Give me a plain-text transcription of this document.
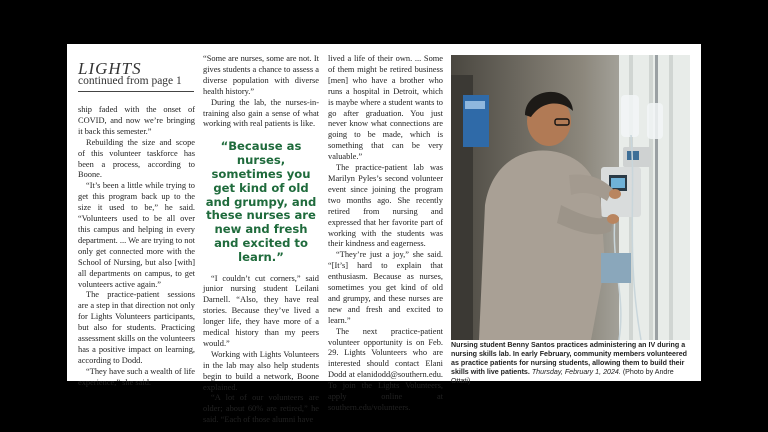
LIGHTS
continued from page 1

ship faded with the onset of COVID, and now we’re bringing it back this semester.”

Rebuilding the size and scope of this volunteer taskforce has been a process, according to Boone.

“It’s been a little while trying to get this program back up to the size it used to be,” he said. “Volunteers used to be all over this campus and helping in every department. ... We are trying to not only get connected more with the School of Nursing, but also [with] all departments on campus, to get volunteers active again.”

The practice-patient sessions are a step in that direction not only for Lights Volunteers participants, but also for students. Practicing assessment skills on the volunteers has a positive impact on learning, according to Dodd.

“They have such a wealth of life experience,” she said.

“Some are nurses, some are not. It gives students a chance to assess a diverse population with diverse health history.”

During the lab, the nurses-in-training also gain a sense of what working with real patients is like.

“Because as nurses, sometimes you get kind of old and grumpy, and these nurses are new and fresh and excited to learn.”

“I couldn’t cut corners,” said junior nursing student Leilani Darnell. “Also, they have real stories. Because they’ve lived a longer life, they have more of a medical history than my peers would.”

Working with Lights Volunteers in the lab may also help students begin to build a network, Boone explained.

“A lot of our volunteers are older; about 60% are retired,” he said. “Each of those alumni have

lived a life of their own. ... Some of them might be retired business [men] who have a brother who runs a hospital in Detroit, which is maybe where a student wants to go after graduation. You just never know what connections are going to be made, which is something that can be very valuable.”

The practice-patient lab was Marilyn Pyles’s second volunteer event since joining the program two months ago. She recently retired from nursing and expressed that her favorite part of working with the students was their kindness and eagerness.

“They’re just a joy,” she said. “[It’s] hard to explain that enthusiasm. Because as nurses, sometimes you get kind of old and grumpy, and these nurses are new and fresh and excited to learn.”

The next practice-patient volunteer opportunity is on Feb. 29. Lights Volunteers who are interested should contact Elani Dodd at elanidodd@southern.edu. To join the Lights Volunteers, apply online at southern.edu/volunteers.

Nursing student Benny Santos practices administering an IV during a nursing skills lab. In early February, community members volunteered as practice patients for nursing students, allowing them to build their skills with live patients. Thursday, February 1, 2024. (Photo by Andre Ottati)
